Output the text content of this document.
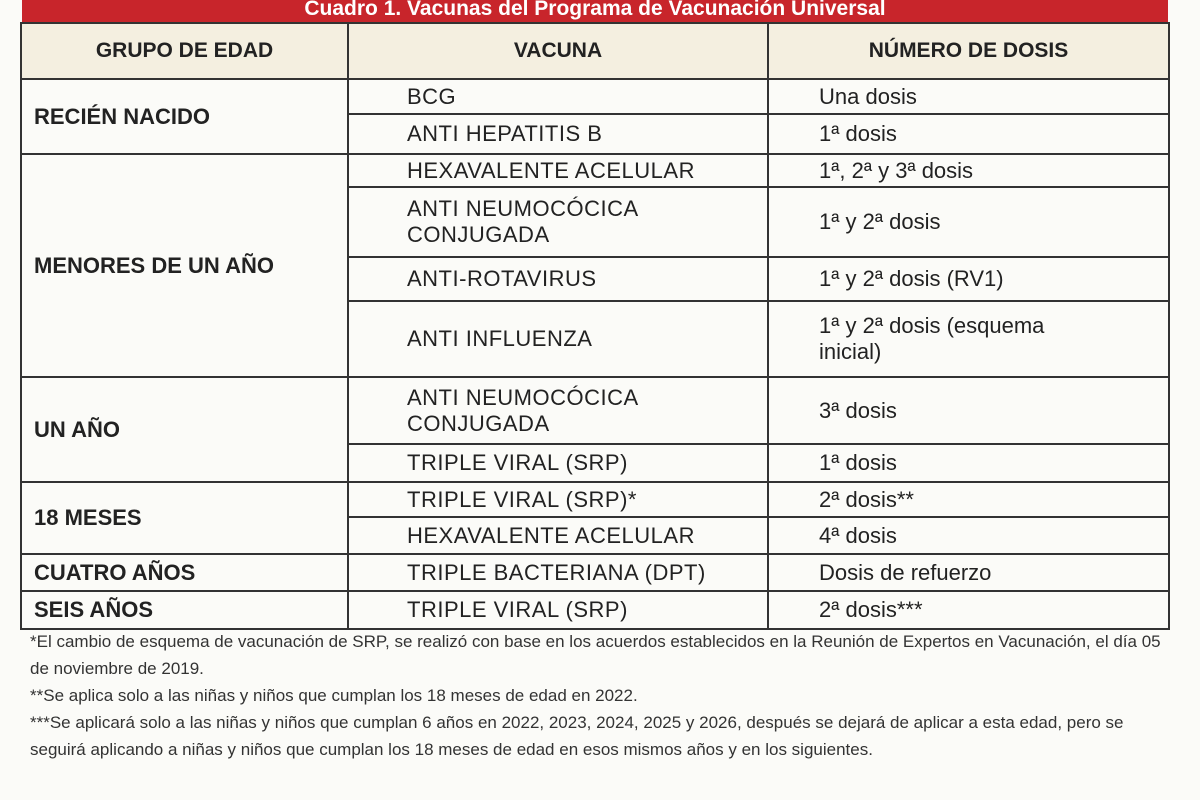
Cuadro 1. Vacunas del Programa de Vacunación Universal
GRUPO DE EDAD	VACUNA	NÚMERO DE DOSIS
RECIÉN NACIDO	BCG	Una dosis
	ANTI HEPATITIS B	1ª dosis
MENORES DE UN AÑO	HEXAVALENTE ACELULAR	1ª, 2ª y 3ª dosis
	ANTI NEUMOCÓCICA CONJUGADA	1ª y 2ª dosis
	ANTI-ROTAVIRUS	1ª y 2ª dosis (RV1)
	ANTI INFLUENZA	1ª y 2ª dosis (esquema inicial)
UN AÑO	ANTI NEUMOCÓCICA CONJUGADA	3ª dosis
	TRIPLE VIRAL (SRP)	1ª dosis
18 MESES	TRIPLE VIRAL (SRP)*	2ª dosis**
	HEXAVALENTE ACELULAR	4ª dosis
CUATRO AÑOS	TRIPLE BACTERIANA (DPT)	Dosis de refuerzo
SEIS AÑOS	TRIPLE VIRAL (SRP)	2ª dosis***

*El cambio de esquema de vacunación de SRP, se realizó con base en los acuerdos establecidos en la Reunión de Expertos en Vacunación, el día 05 de noviembre de 2019.

**Se aplica solo a las niñas y niños que cumplan los 18 meses de edad en 2022.

***Se aplicará solo a las niñas y niños que cumplan 6 años en 2022, 2023, 2024, 2025 y 2026, después se dejará de aplicar a esta edad, pero se seguirá aplicando a niñas y niños que cumplan los 18 meses de edad en esos mismos años y en los siguientes.
